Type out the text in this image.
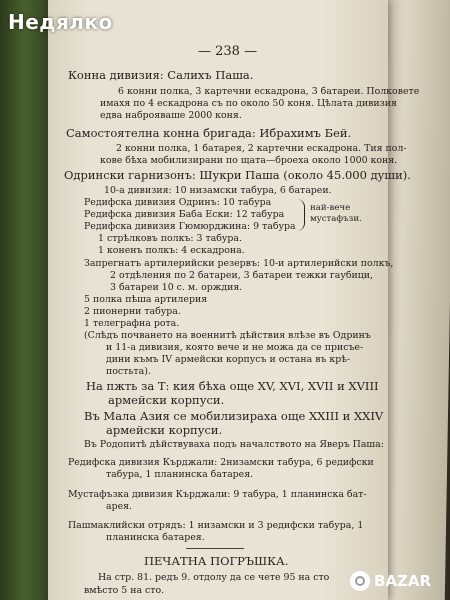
— 238 —
Конна дивизия: Салихъ Паша.
6 конни полка, 3 картечни ескадрона, 3 батареи. Полковете
имахя по 4 ескадрона съ по около 50 коня. Цѣлата дивизия
едва наброяваше 2000 коня.
Самостоятелна конна бригада: Ибрахимъ Бей.
2 конни полка, 1 батарея, 2 картечни ескадрона. Тия пол-
кове бѣха мобилизирани по щата—броеха около 1000 коня.
Одрински гарнизонъ: Шукри Паша (около 45.000 души).
10-а дивизия: 10 низамски табура, 6 батареи.
Редифска дивизия Одринъ: 10 табура
Редифска дивизия Баба Ески: 12 табура
Редифска дивизия Гюмюрджина: 9 табура
1 стрѣлковъ полкъ: 3 табура.
1 коненъ полкъ: 4 ескадрона.
най-вече
мустафъзи.
Запрегнатъ артилерийски резервъ: 10-и артилерийски полкъ,
2 отдѣления по 2 батареи, 3 батареи тежки гаубици,
3 батареи 10 с. м. орждия.
5 полка пѣша артилерия
2 пионерни табура.
1 телеграфна рота.
(Слѣдъ почването на военнитѣ дѣйствия влѣзе въ Одринъ
и 11-а дивизия, която вече и не можа да се присъе-
дини къмъ IV армейски корпусъ и остана въ крѣ-
постьта).
На пжть за Т: кия бѣха още XV, XVI, XVII и XVIII
армейски корпуси.
Въ Мала Азия се мобилизираха още XXIII и XXIV
армейски корпуси.
Въ Родопитѣ дѣйствуваха подъ началството на Яверъ Паша:
Редифска дивизия Кърджали: 2низамски табура, 6 редифски
табура, 1 планинска батарея.
Мустафъзка дивизия Кърджали: 9 табура, 1 планинска бат-
арея.
Пашмаклийски отрядъ: 1 низамски и 3 редифски табура, 1
планинска батарея.
ПЕЧАТНА ПОГРЪШКА.
На стр. 81. редъ 9. отдолу да се чете 95 на сто
вмѣсто 5 на сто.
Недялко
BAZAR
